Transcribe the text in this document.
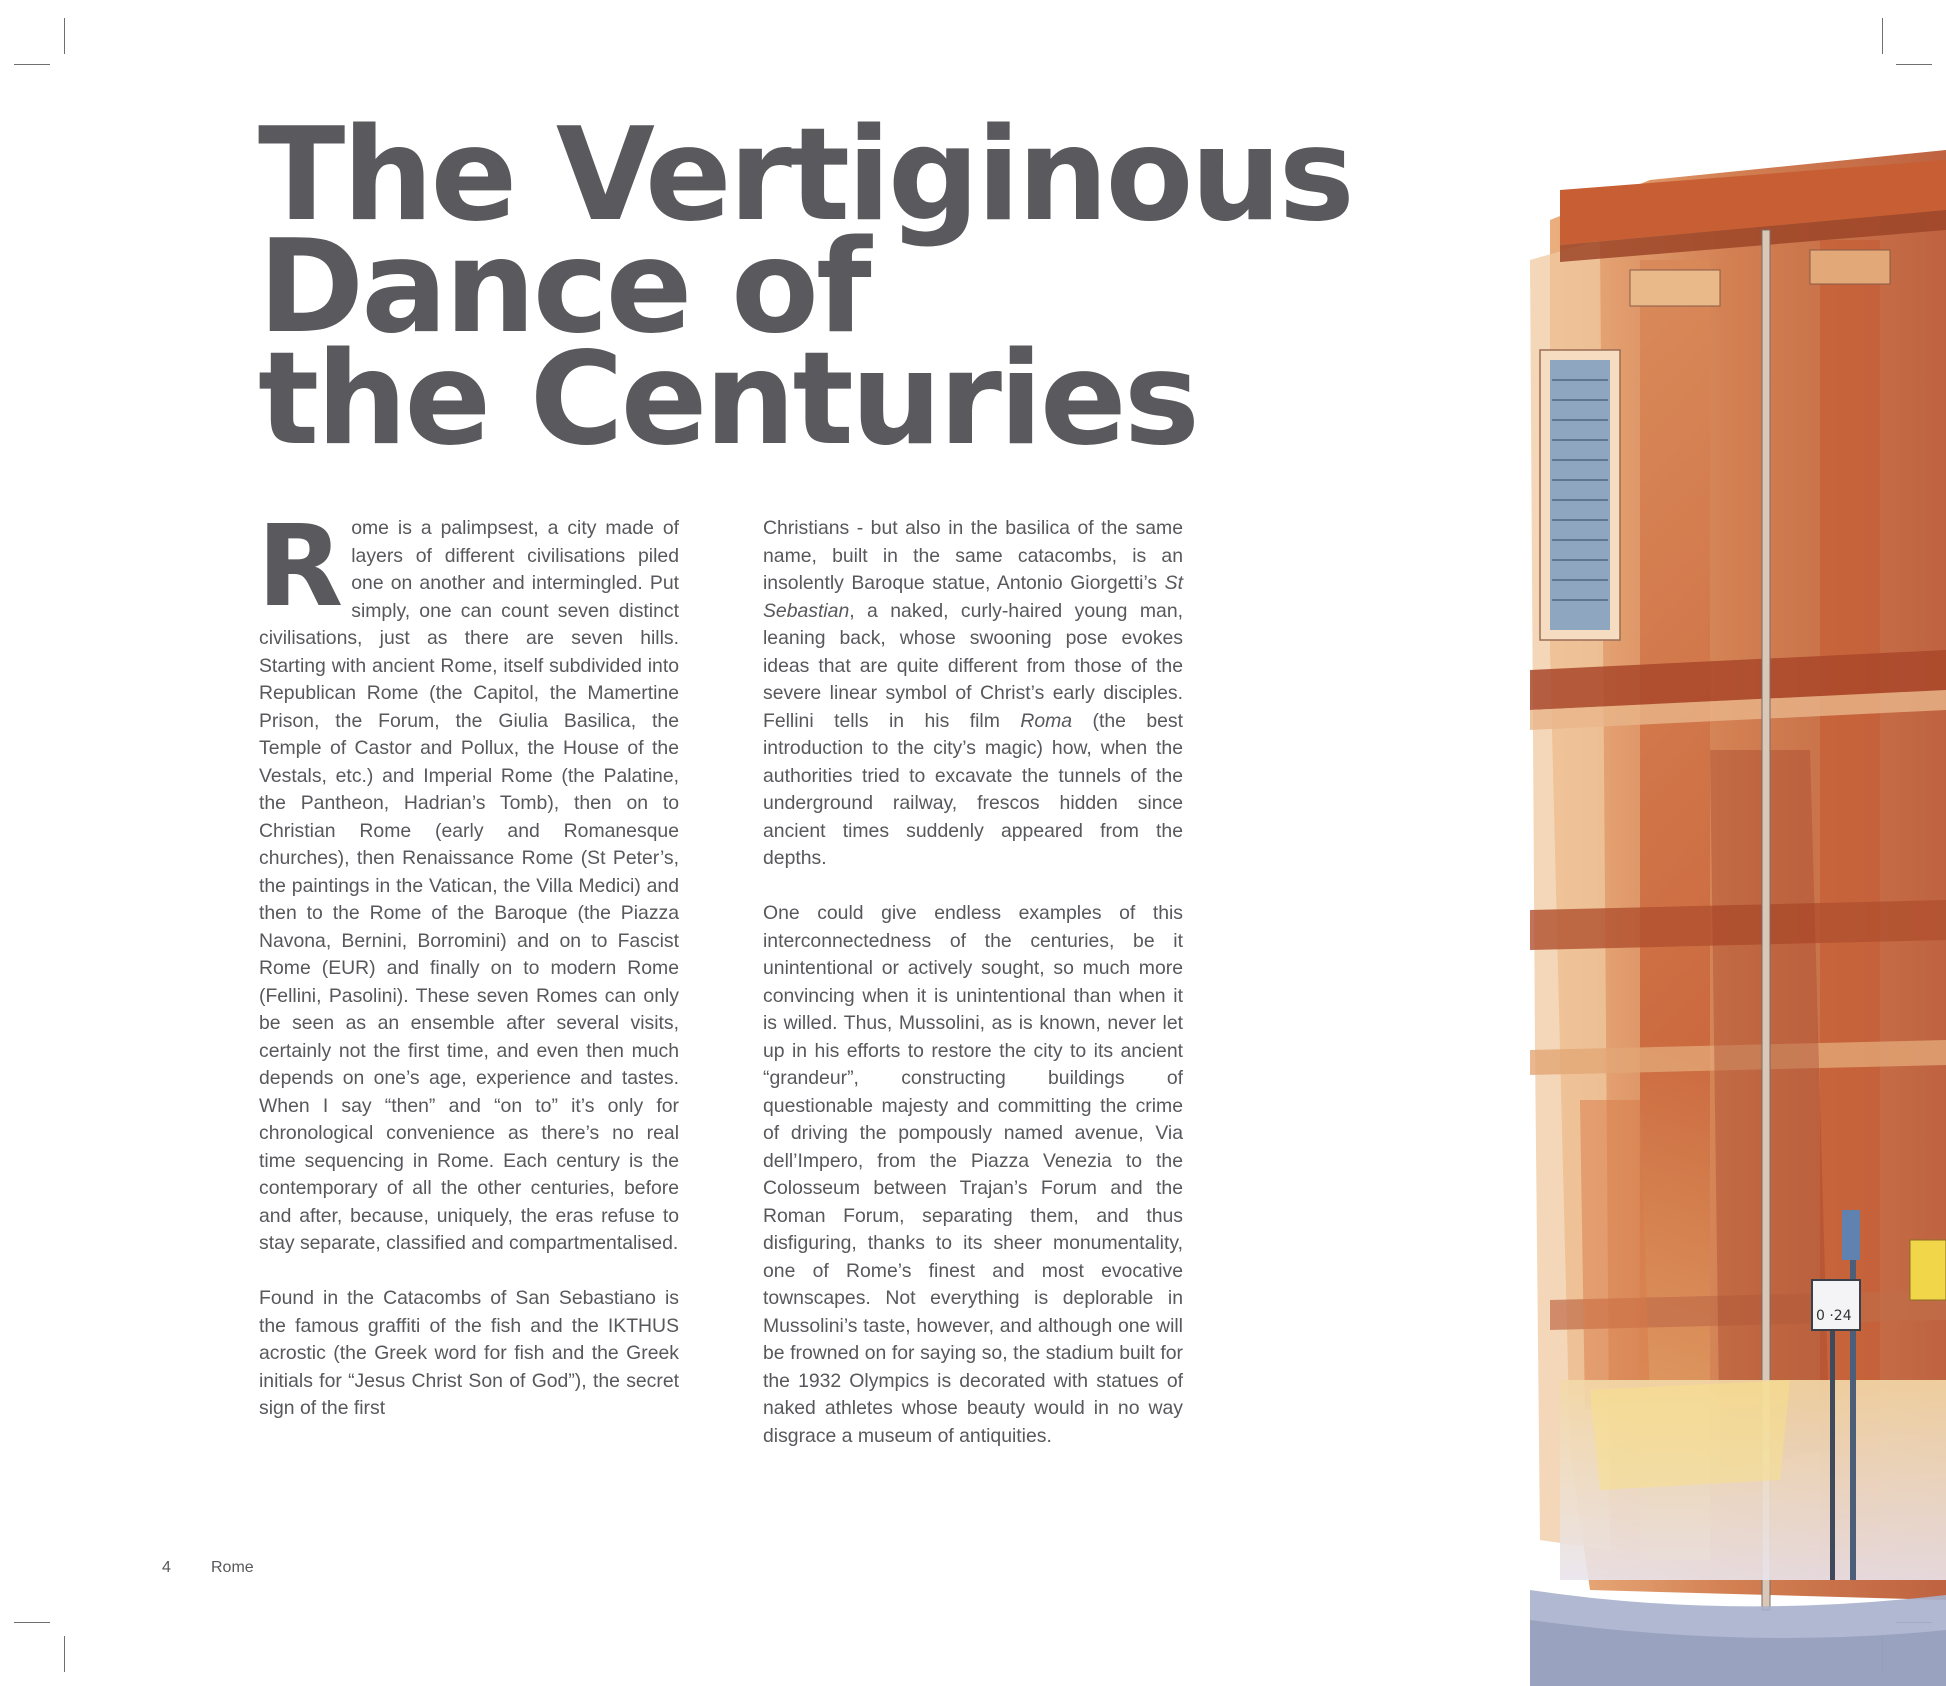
The Vertiginous
Dance of
the Centuries

Rome is a palimpsest, a city made of layers of different civilisations piled one on another and intermingled. Put simply, one can count seven distinct civilisations, just as there are seven hills. Starting with ancient Rome, itself subdivided into Republican Rome (the Capitol, the Mamertine Prison, the Forum, the Giulia Basilica, the Temple of Castor and Pollux, the House of the Vestals, etc.) and Imperial Rome (the Palatine, the Pantheon, Hadrian’s Tomb), then on to Christian Rome (early and Romanesque churches), then Renaissance Rome (St Peter’s, the paintings in the Vatican, the Villa Medici) and then to the Rome of the Baroque (the Piazza Navona, Bernini, Borromini) and on to Fascist Rome (EUR) and finally on to modern Rome (Fellini, Pasolini). These seven Romes can only be seen as an ensemble after several visits, certainly not the first time, and even then much depends on one’s age, experience and tastes. When I say “then” and “on to” it’s only for chronological convenience as there’s no real time sequencing in Rome. Each century is the contemporary of all the other centuries, before and after, because, uniquely, the eras refuse to stay separate, classified and compartmentalised.

Found in the Catacombs of San Sebastiano is the famous graffiti of the fish and the IKTHUS acrostic (the Greek word for fish and the Greek initials for “Jesus Christ Son of God”), the secret sign of the first

Christians - but also in the basilica of the same name, built in the same catacombs, is an insolently Baroque statue, Antonio Giorgetti’s St Sebastian, a naked, curly-haired young man, leaning back, whose swooning pose evokes ideas that are quite different from those of the severe linear symbol of Christ’s early disciples. Fellini tells in his film Roma (the best introduction to the city’s magic) how, when the authorities tried to excavate the tunnels of the underground railway, frescos hidden since ancient times suddenly appeared from the depths.

One could give endless examples of this interconnectedness of the centuries, be it unintentional or actively sought, so much more convincing when it is unintentional than when it is willed. Thus, Mussolini, as is known, never let up in his efforts to restore the city to its ancient “grandeur”, constructing buildings of questionable majesty and committing the crime of driving the pompously named avenue, Via dell’Impero, from the Piazza Venezia to the Colosseum between Trajan’s Forum and the Roman Forum, separating them, and thus disfiguring, thanks to its sheer monumentality, one of Rome’s finest and most evocative townscapes. Not everything is deplorable in Mussolini’s taste, however, and although one will be frowned on for saying so, the stadium built for the 1932 Olympics is decorated with statues of naked athletes whose beauty would in no way disgrace a museum of antiquities.

4	Rome
0 ·24
